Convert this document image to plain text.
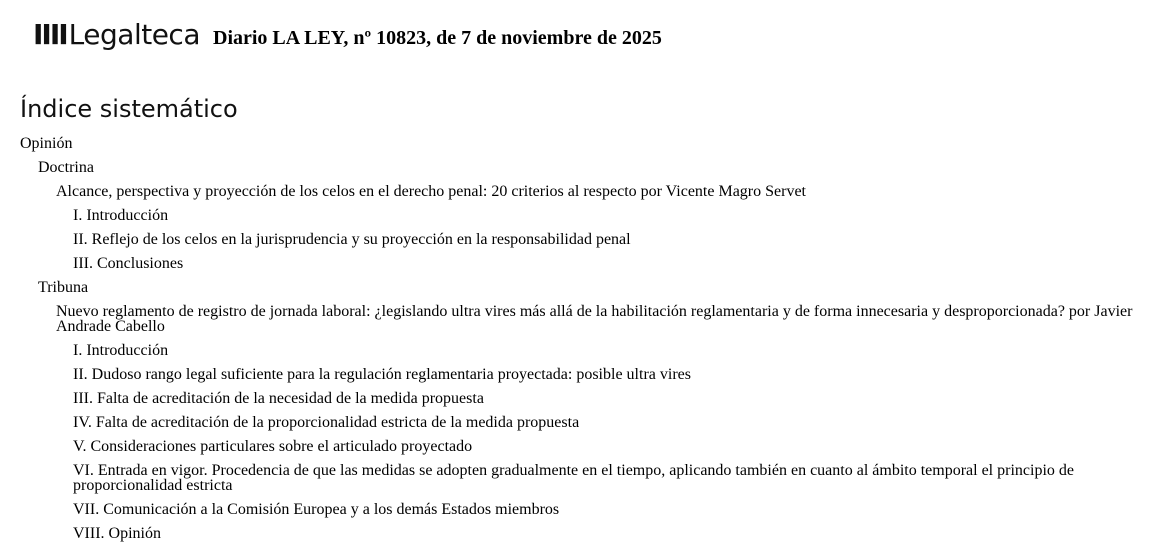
IIIILegalteca Diario LA LEY, nº 10823, de 7 de noviembre de 2025
Índice sistemático
Opinión
Doctrina
Alcance, perspectiva y proyección de los celos en el derecho penal: 20 criterios al respecto por Vicente Magro Servet
I. Introducción
II. Reflejo de los celos en la jurisprudencia y su proyección en la responsabilidad penal
III. Conclusiones
Tribuna
Nuevo reglamento de registro de jornada laboral: ¿legislando ultra vires más allá de la habilitación reglamentaria y de forma innecesaria y desproporcionada? por Javier Andrade Cabello
I. Introducción
II. Dudoso rango legal suficiente para la regulación reglamentaria proyectada: posible ultra vires
III. Falta de acreditación de la necesidad de la medida propuesta
IV. Falta de acreditación de la proporcionalidad estricta de la medida propuesta
V. Consideraciones particulares sobre el articulado proyectado
VI. Entrada en vigor. Procedencia de que las medidas se adopten gradualmente en el tiempo, aplicando también en cuanto al ámbito temporal el principio de proporcionalidad estricta
VII. Comunicación a la Comisión Europea y a los demás Estados miembros
VIII. Opinión
